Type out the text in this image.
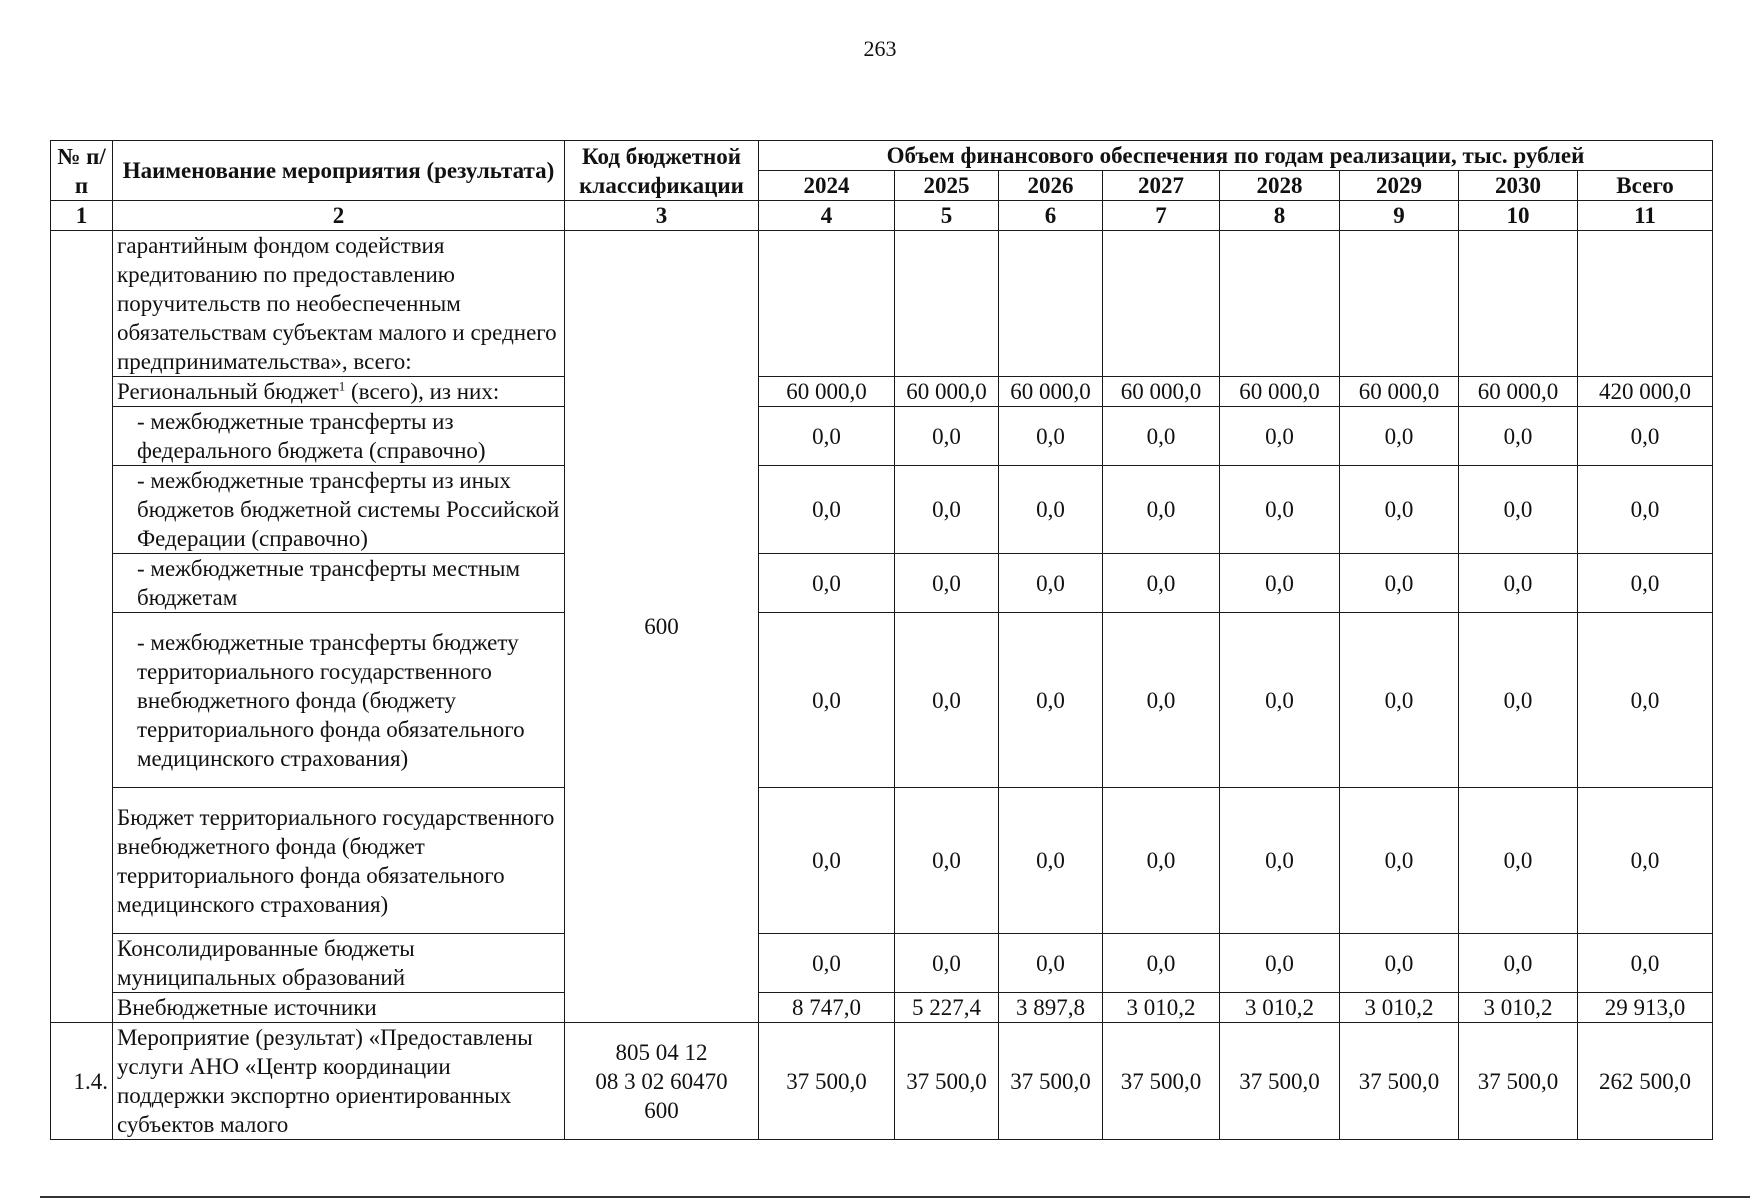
263
№ п/п	Наименование мероприятия (результата)	Код бюджетной классификации	Объем финансового обеспечения по годам реализации, тыс. рублей							
			2024	2025	2026	2027	2028	2029	2030	Всего
1	2	3	4	5	6	7	8	9	10	11
	гарантийным фондом содействия кредитованию по предоставлению поручительств по необеспеченным обязательствам субъектам малого и среднего предпринимательства», всего:	600								
	Региональный бюджет$^1$ (всего), из них:		60 000,0	60 000,0	60 000,0	60 000,0	60 000,0	60 000,0	60 000,0	420 000,0
	- межбюджетные трансферты из федерального бюджета (справочно)		0,0	0,0	0,0	0,0	0,0	0,0	0,0	0,0
	- межбюджетные трансферты из иных бюджетов бюджетной системы Российской Федерации (справочно)		0,0	0,0	0,0	0,0	0,0	0,0	0,0	0,0
	- межбюджетные трансферты местным бюджетам		0,0	0,0	0,0	0,0	0,0	0,0	0,0	0,0
	- межбюджетные трансферты бюджету территориального государственного внебюджетного фонда (бюджету территориального фонда обязательного медицинского страхования)		0,0	0,0	0,0	0,0	0,0	0,0	0,0	0,0
	Бюджет территориального государственного внебюджетного фонда (бюджет территориального фонда обязательного медицинского страхования)		0,0	0,0	0,0	0,0	0,0	0,0	0,0	0,0
	Консолидированные бюджеты муниципальных образований		0,0	0,0	0,0	0,0	0,0	0,0	0,0	0,0
	Внебюджетные источники		8 747,0	5 227,4	3 897,8	3 010,2	3 010,2	3 010,2	3 010,2	29 913,0
1.4.	Мероприятие (результат) «Предоставлены услуги АНО «Центр координации поддержки экспортно ориентированных субъектов малого	805 04 12
08 3 02 60470
600	37 500,0	37 500,0	37 500,0	37 500,0	37 500,0	37 500,0	37 500,0	262 500,0
